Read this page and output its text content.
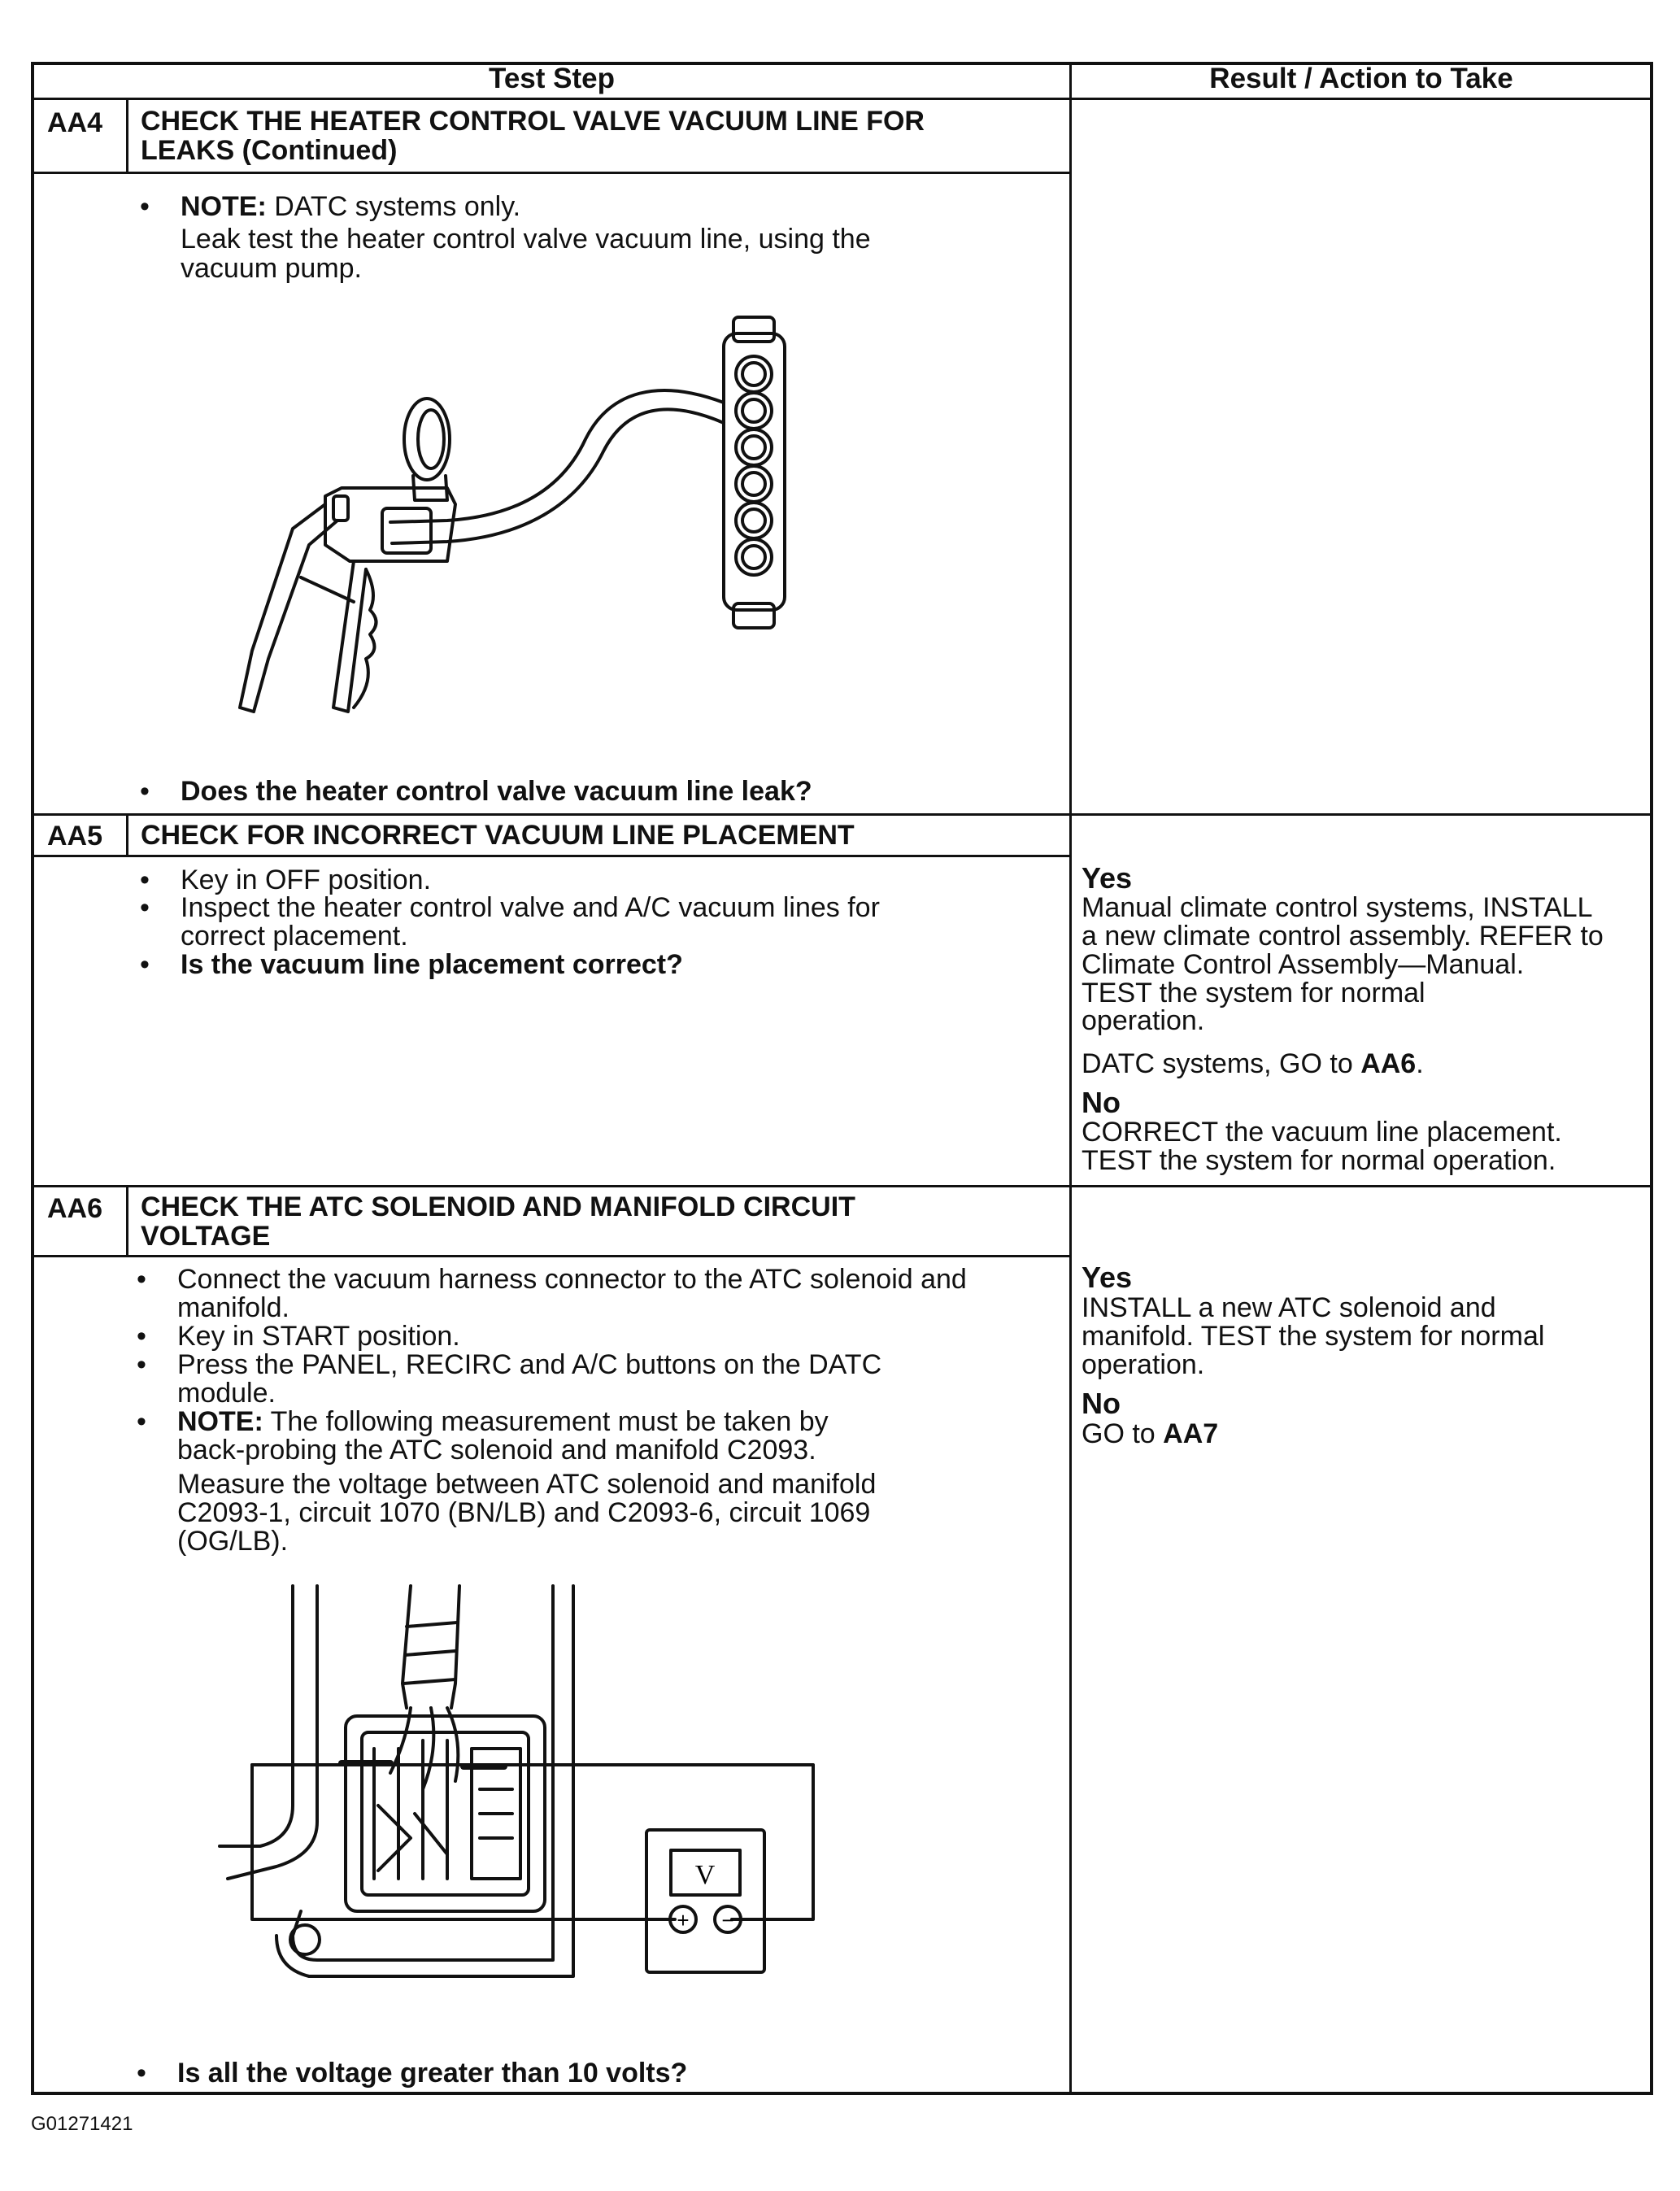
Test Step	Result / Action to Take
AA4 CHECK THE HEATER CONTROL VALVE VACUUM LINE FOR
LEAKS (Continued)
• NOTE: DATC systems only.
Leak test the heater control valve vacuum line, using the
vacuum pump.
• Does the heater control valve vacuum line leak?
AA5 CHECK FOR INCORRECT VACUUM LINE PLACEMENT
• Key in OFF position.
• Inspect the heater control valve and A/C vacuum lines for
correct placement.
• Is the vacuum line placement correct?
Yes
Manual climate control systems, INSTALL
a new climate control assembly. REFER to
Climate Control Assembly—Manual.
TEST the system for normal
operation.
DATC systems, GO to AA6.
No
CORRECT the vacuum line placement.
TEST the system for normal operation.
AA6 CHECK THE ATC SOLENOID AND MANIFOLD CIRCUIT
VOLTAGE
• Connect the vacuum harness connector to the ATC solenoid and
manifold.
• Key in START position.
• Press the PANEL, RECIRC and A/C buttons on the DATC
module.
• NOTE: The following measurement must be taken by
back-probing the ATC solenoid and manifold C2093.
Measure the voltage between ATC solenoid and manifold
C2093-1, circuit 1070 (BN/LB) and C2093-6, circuit 1069
(OG/LB).
V
+ −
• Is all the voltage greater than 10 volts?
Yes
INSTALL a new ATC solenoid and
manifold. TEST the system for normal
operation.
No
GO to AA7
G01271421
